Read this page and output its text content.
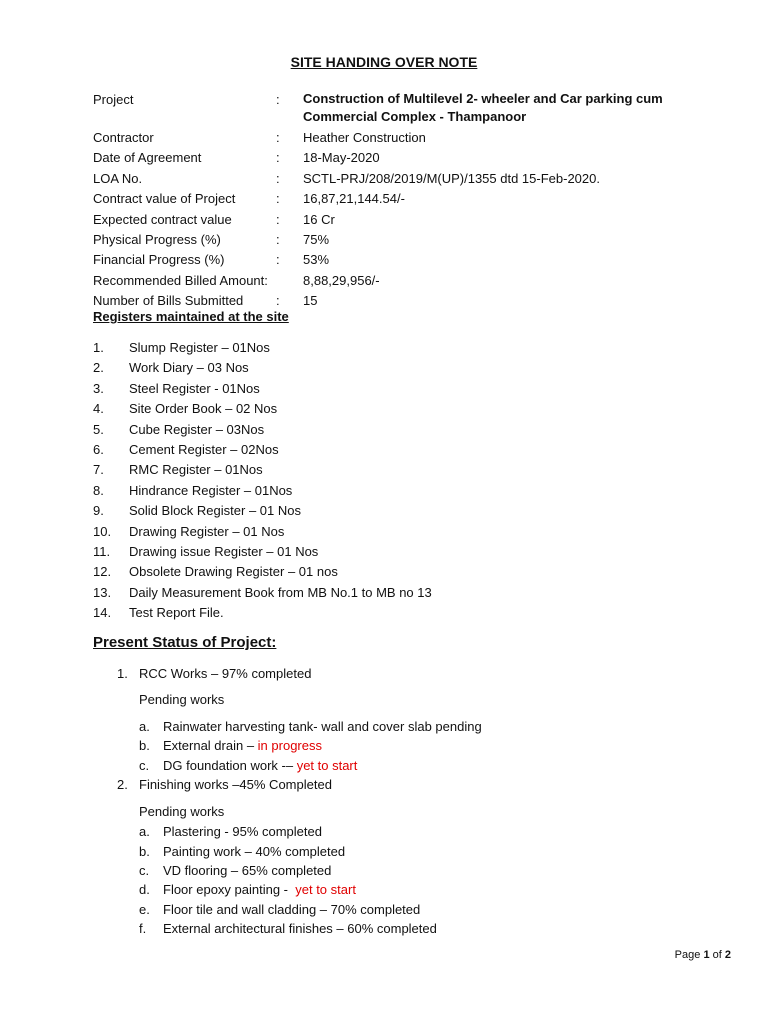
SITE HANDING OVER NOTE
Project	:	Construction of Multilevel 2- wheeler and Car parking cum
Commercial Complex - Thampanoor
Contractor	:	Heather Construction
Date of Agreement	:	18-May-2020
LOA No.	:	SCTL-PRJ/208/2019/M(UP)/1355 dtd 15-Feb-2020.
Contract value of Project	:	16,87,21,144.54/-
Expected contract value	:	16 Cr
Physical Progress (%)	:	75%
Financial Progress (%)	:	53%
Recommended Billed Amount:	8,88,29,956/-
Number of Bills Submitted	:	15
Registers maintained at the site
1.	Slump Register – 01Nos
2.	Work Diary – 03 Nos
3.	Steel Register - 01Nos
4.	Site Order Book – 02 Nos
5.	Cube Register – 03Nos
6.	Cement Register – 02Nos
7.	RMC Register – 01Nos
8.	Hindrance Register – 01Nos
9.	Solid Block Register – 01 Nos
10.	Drawing Register – 01 Nos
11.	Drawing issue Register – 01 Nos
12.	Obsolete Drawing Register – 01 nos
13.	Daily Measurement Book from MB No.1 to MB no 13
14.	Test Report File.
Present Status of Project:
1. RCC Works – 97% completed
Pending works
a.	Rainwater harvesting tank- wall and cover slab pending
b.	External drain – in progress
c.	DG foundation work -– yet to start
2. Finishing works –45% Completed
Pending works
a.	Plastering - 95% completed
b.	Painting work – 40% completed
c.	VD flooring – 65% completed
d.	Floor epoxy painting -  yet to start
e.	Floor tile and wall cladding – 70% completed
f.	External architectural finishes – 60% completed
Page 1 of 2
